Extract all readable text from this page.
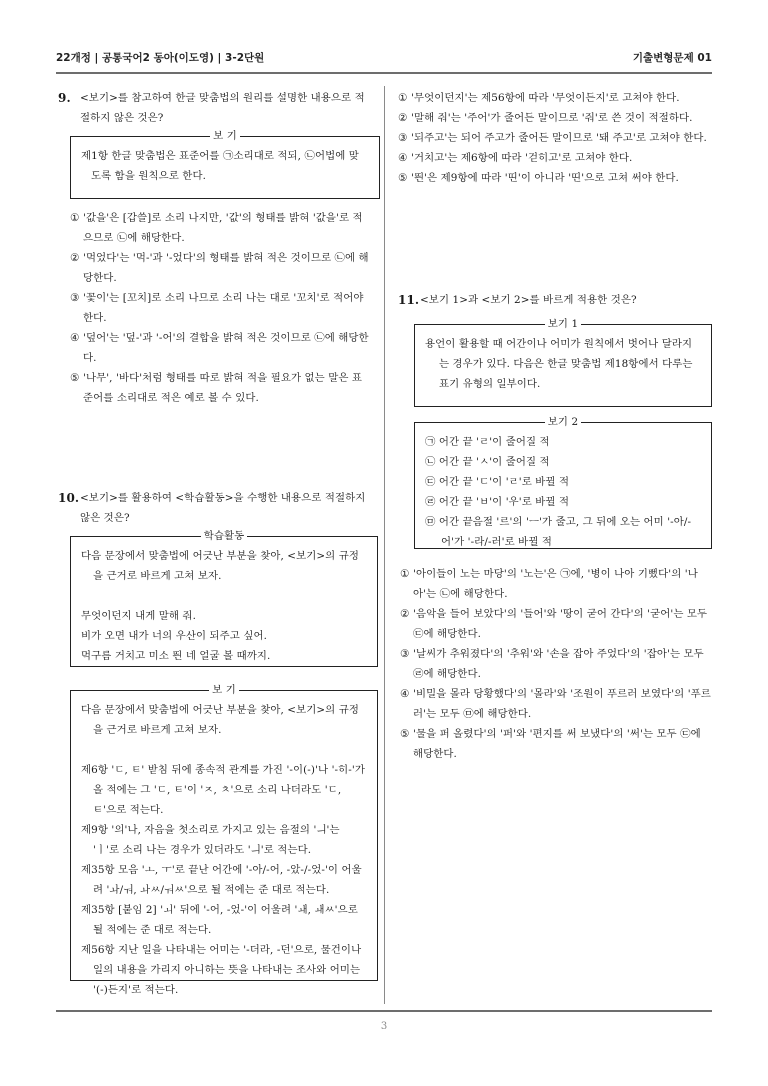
22개정 | 공통국어2 동아(이도영) | 3-2단원	기출변형문제 01
9. <보기>를 참고하여 한글 맞춤법의 원리를 설명한 내용으로 적절하지 않은 것은?
보 기
제1항 한글 맞춤법은 표준어를 ㉠소리대로 적되, ㉡어법에 맞도록 함을 원칙으로 한다.
① '값을'은 [갑쓸]로 소리 나지만, '값'의 형태를 밝혀 '값을'로 적으므로 ㉡에 해당한다.
② '먹었다'는 '먹-'과 '-었다'의 형태를 밝혀 적은 것이므로 ㉡에 해당한다.
③ '꽃이'는 [꼬치]로 소리 나므로 소리 나는 대로 '꼬치'로 적어야 한다.
④ '덮어'는 '덮-'과 '-어'의 결합을 밝혀 적은 것이므로 ㉡에 해당한다.
⑤ '나무', '바다'처럼 형태를 따로 밝혀 적을 필요가 없는 말은 표준어를 소리대로 적은 예로 볼 수 있다.
10. <보기>를 활용하여 <학습활동>을 수행한 내용으로 적절하지 않은 것은?
학습활동
다음 문장에서 맞춤법에 어긋난 부분을 찾아, <보기>의 규정을 근거로 바르게 고쳐 보자.
무엇이던지 내게 말해 줘.
비가 오면 내가 너의 우산이 되주고 싶어.
먹구름 거치고 미소 띈 네 얼굴 볼 때까지.
보 기
다음 문장에서 맞춤법에 어긋난 부분을 찾아, <보기>의 규정을 근거로 바르게 고쳐 보자.
제6항 'ㄷ, ㅌ' 받침 뒤에 종속적 관계를 가진 '-이(-)'나 '-히-'가 올 적에는 그 'ㄷ, ㅌ'이 'ㅈ, ㅊ'으로 소리 나더라도 'ㄷ, ㅌ'으로 적는다.
제9항 '의'나, 자음을 첫소리로 가지고 있는 음절의 'ㅢ'는 'ㅣ'로 소리 나는 경우가 있더라도 'ㅢ'로 적는다.
제35항 모음 'ㅗ, ㅜ'로 끝난 어간에 '-아/-어, -았-/-었-'이 어울려 'ㅘ/ㅝ, ㅘㅆ/ㅝㅆ'으로 될 적에는 준 대로 적는다.
제35항 [붙임 2] 'ㅚ' 뒤에 '-어, -었-'이 어울려 'ㅙ, ㅙㅆ'으로 될 적에는 준 대로 적는다.
제56항 지난 일을 나타내는 어미는 '-더라, -던'으로, 물건이나 일의 내용을 가리지 아니하는 뜻을 나타내는 조사와 어미는 '(-)든지'로 적는다.
① '무엇이던지'는 제56항에 따라 '무엇이든지'로 고쳐야 한다.
② '말해 줘'는 '주어'가 줄어든 말이므로 '줘'로 쓴 것이 적절하다.
③ '되주고'는 되어 주고가 줄어든 말이므로 '돼 주고'로 고쳐야 한다.
④ '거치고'는 제6항에 따라 '걷히고'로 고쳐야 한다.
⑤ '띈'은 제9항에 따라 '띤'이 아니라 '띤'으로 고쳐 써야 한다.
11. <보기 1>과 <보기 2>를 바르게 적용한 것은?
보기 1
용언이 활용할 때 어간이나 어미가 원칙에서 벗어나 달라지는 경우가 있다. 다음은 한글 맞춤법 제18항에서 다루는 표기 유형의 일부이다.
보기 2
㉠ 어간 끝 'ㄹ'이 줄어질 적
㉡ 어간 끝 'ㅅ'이 줄어질 적
㉢ 어간 끝 'ㄷ'이 'ㄹ'로 바뀔 적
㉣ 어간 끝 'ㅂ'이 '우'로 바뀔 적
㉤ 어간 끝음절 '르'의 'ㅡ'가 줄고, 그 뒤에 오는 어미 '-아/-어'가 '-라/-러'로 바뀔 적
① '아이들이 노는 마당'의 '노는'은 ㉠에, '병이 나아 기뻤다'의 '나아'는 ㉡에 해당한다.
② '음악을 들어 보았다'의 '들어'와 '땅이 굳어 간다'의 '굳어'는 모두 ㉢에 해당한다.
③ '날씨가 추워졌다'의 '추워'와 '손을 잡아 주었다'의 '잡아'는 모두 ㉣에 해당한다.
④ '비밀을 몰라 당황했다'의 '몰라'와 '조원이 푸르러 보였다'의 '푸르러'는 모두 ㉤에 해당한다.
⑤ '물을 퍼 올렸다'의 '퍼'와 '편지를 써 보냈다'의 '써'는 모두 ㉢에 해당한다.
3
